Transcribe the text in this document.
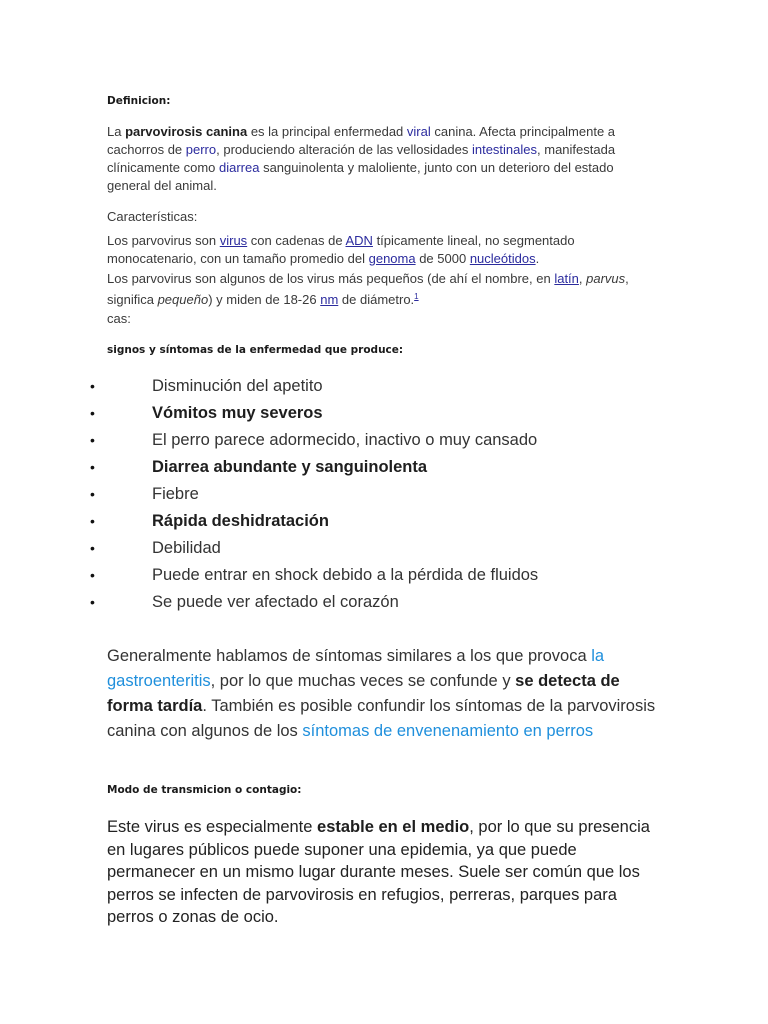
Definicion:

La parvovirosis canina es la principal enfermedad viral canina. Afecta principalmente a cachorros de perro, produciendo alteración de las vellosidades intestinales, manifestada clínicamente como diarrea sanguinolenta y maloliente, junto con un deterioro del estado general del animal.

Características:

Los parvovirus son virus con cadenas de ADN típicamente lineal, no segmentado monocatenario, con un tamaño promedio del genoma de 5000 nucleótidos.

Los parvovirus son algunos de los virus más pequeños (de ahí el nombre, en latín, parvus, significa pequeño) y miden de 18-26 nm de diámetro.$^1$

cas:

signos y síntomas de la enfermedad que produce:

•	Disminución del apetito
•	Vómitos muy severos
•	El perro parece adormecido, inactivo o muy cansado
•	Diarrea abundante y sanguinolenta
•	Fiebre
•	Rápida deshidratación
•	Debilidad
•	Puede entrar en shock debido a la pérdida de fluidos
•	Se puede ver afectado el corazón

Generalmente hablamos de síntomas similares a los que provoca la gastroenteritis, por lo que muchas veces se confunde y se detecta de forma tardía. También es posible confundir los síntomas de la parvovirosis canina con algunos de los síntomas de envenenamiento en perros

Modo de transmicion o contagio:

Este virus es especialmente estable en el medio, por lo que su presencia en lugares públicos puede suponer una epidemia, ya que puede permanecer en un mismo lugar durante meses. Suele ser común que los perros se infecten de parvovirosis en refugios, perreras, parques para perros o zonas de ocio.
